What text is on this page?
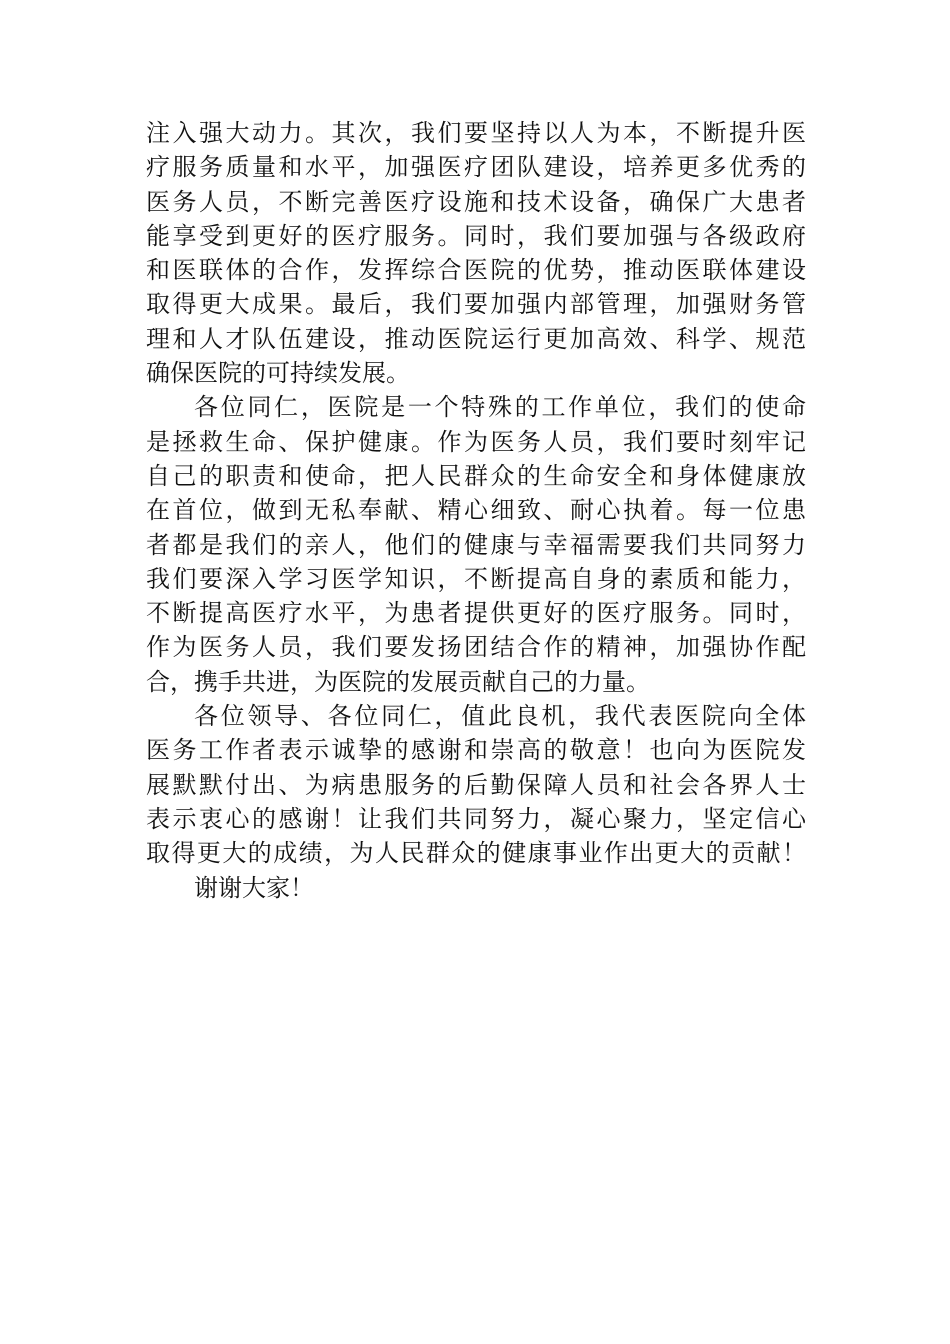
注入强大动力。其次，我们要坚持以人为本，不断提升医
疗服务质量和水平，加强医疗团队建设，培养更多优秀的
医务人员，不断完善医疗设施和技术设备，确保广大患者
能享受到更好的医疗服务。同时，我们要加强与各级政府
和医联体的合作，发挥综合医院的优势，推动医联体建设
取得更大成果。最后，我们要加强内部管理，加强财务管
理和人才队伍建设，推动医院运行更加高效、科学、规范
确保医院的可持续发展。
各位同仁，医院是一个特殊的工作单位，我们的使命
是拯救生命、保护健康。作为医务人员，我们要时刻牢记
自己的职责和使命，把人民群众的生命安全和身体健康放
在首位，做到无私奉献、精心细致、耐心执着。每一位患
者都是我们的亲人，他们的健康与幸福需要我们共同努力
我们要深入学习医学知识，不断提高自身的素质和能力，
不断提高医疗水平，为患者提供更好的医疗服务。同时，
作为医务人员，我们要发扬团结合作的精神，加强协作配
合，携手共进，为医院的发展贡献自己的力量。
各位领导、各位同仁，值此良机，我代表医院向全体
医务工作者表示诚挚的感谢和崇高的敬意！也向为医院发
展默默付出、为病患服务的后勤保障人员和社会各界人士
表示衷心的感谢！让我们共同努力，凝心聚力，坚定信心
取得更大的成绩，为人民群众的健康事业作出更大的贡献！
谢谢大家！
